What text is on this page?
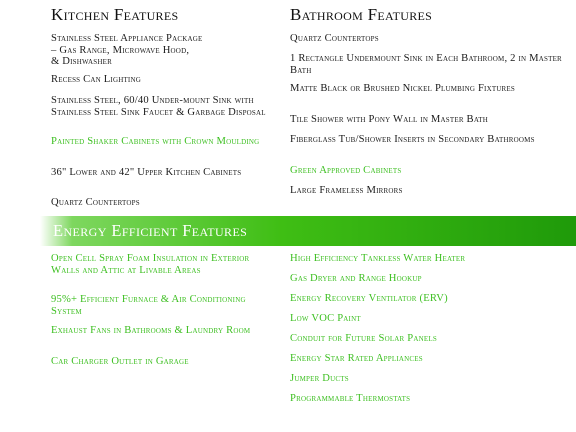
Kitchen Features
Stainless Steel Appliance Package
– Gas Range, Microwave Hood,
& Dishwasher
Recess Can Lighting
Stainless Steel, 60/40 Under-mount Sink with Stainless Steel Sink Faucet & Garbage Disposal
Painted Shaker Cabinets with Crown Moulding
36" Lower and 42" Upper Kitchen Cabinets
Quartz Countertops
Bathroom Features
Quartz Countertops
1 Rectangle Undermount Sink in Each Bathroom, 2 in Master Bath
Matte Black or Brushed Nickel Plumbing Fixtures
Tile Shower with Pony Wall in Master Bath
Fiberglass Tub/Shower Inserts in Secondary Bathrooms
Green Approved Cabinets
Large Frameless Mirrors
Energy Efficient Features
Open Cell Spray Foam Insulation in Exterior Walls and Attic at Livable Areas
95%+ Efficient Furnace & Air Conditioning System
Exhaust Fans in Bathrooms & Laundry Room
Car Charger Outlet in Garage
High Efficiency Tankless Water Heater
Gas Dryer and Range Hookup
Energy Recovery Ventilator (ERV)
Low VOC Paint
Conduit for Future Solar Panels
Energy Star Rated Appliances
Jumper Ducts
Programmable Thermostats
